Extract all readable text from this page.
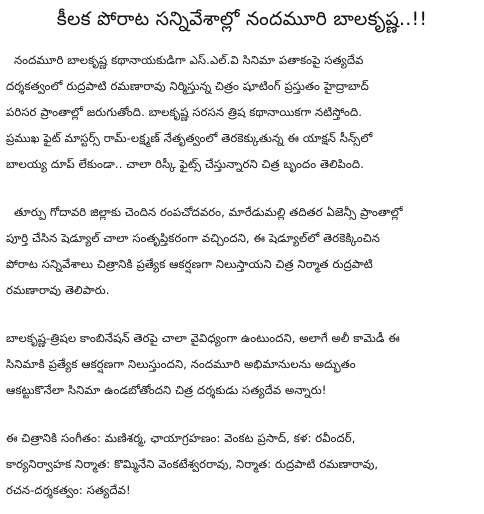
కీలక పోరాట సన్నివేశాల్లో నందమూరి బాలకృష్ణ..!!
నందమూరి బాలకృష్ణ కథానాయకుడిగా ఎస్.ఎల్.వి సినిమా పతాకంపై సత్యదేవ
దర్శకత్వంలో రుద్రపాటి రమణారావు నిర్మిస్తున్న చిత్రం షూటింగ్ ప్రస్తుతం హైద్రాబాద్
పరిసర ప్రాంతాల్లో జరుగుతోంది. బాలకృష్ణ సరసన త్రిష కథానాయికగా నటిస్తోంది.
ప్రముఖ ఫైట్ మాస్టర్స్ రామ్-లక్ష్మణ్ నేతృత్వంలో తెరకెక్కుతున్న ఈ యాక్షన్ సీన్స్‌లో
బాలయ్య దూప్ లేకుండా.. చాలా రిస్కీ ఫైట్స్ చేస్తున్నారని చిత్ర బృందం తెలిపింది.
తూర్పు గోదావరి జిల్లాకు చెందిన రంపచోదవరం, మారేడుమల్లి తదితర ఏజెన్సీ ప్రాంతాల్లో
పూర్తి చేసిన షెడ్యూల్ చాలా సంతృప్తికరంగా వచ్చిందని, ఈ షెడ్యూల్‌లో తెరకెక్కించిన
పోరాట సన్నివేశాలు చిత్రానికి ప్రత్యేక ఆకర్షణగా నిలుస్తాయని చిత్ర నిర్మాత రుద్రపాటి
రమణారావు తెలిపారు.
బాలకృష్ణ-త్రిషల కాంబినేషన్ తెరపై చాలా వైవిధ్యంగా ఉంటుందని, అలాగే అలీ కామెడీ ఈ
సినిమాకి ప్రత్యేక ఆకర్షణగా నిలుస్తుందని, నందమూరి అభిమానులను అద్భుతం
ఆకట్టుకొనేలా సినిమా ఉండబోతోందని చిత్ర దర్శకుడు సత్యదేవ అన్నారు!
ఈ చిత్రానికి సంగీతం: మణిశర్మ, ఛాయాగ్రహణం: వెంకట ప్రసాద్, కళ: రవీందర్,
కార్యనిర్వాహక నిర్మాత: కొమ్మినేని వెంకటేశ్వరరావు, నిర్మాత: రుద్రపాటి రమణారావు,
రచన-దర్శకత్వం: సత్యదేవ!
